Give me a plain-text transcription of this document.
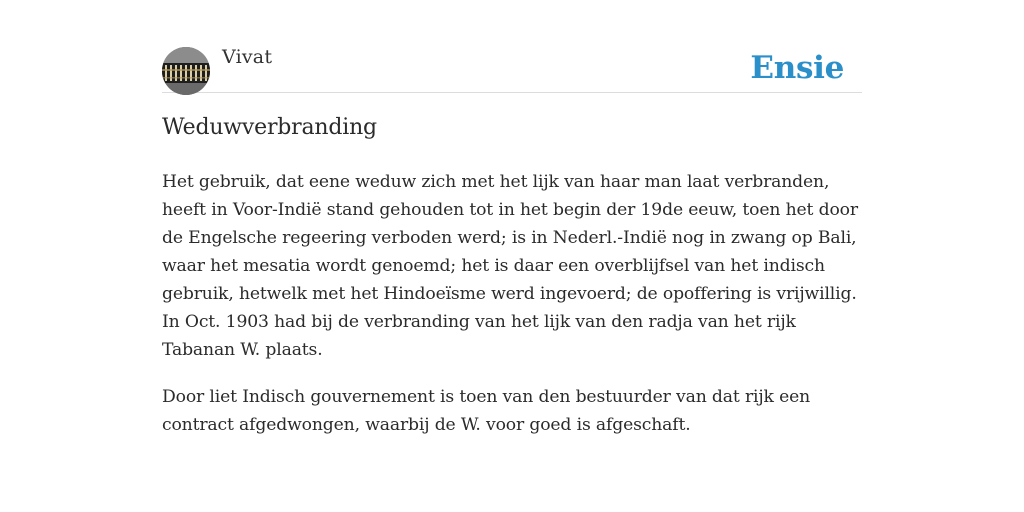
Vivat	Ensie
Weduwverbranding

Het gebruik, dat eene weduw zich met het lijk van haar man laat verbranden, heeft in Voor-Indië stand gehouden tot in het begin der 19de eeuw, toen het door de Engelsche regeering verboden werd; is in Nederl.-Indië nog in zwang op Bali, waar het mesatia wordt genoemd; het is daar een overblijfsel van het indisch gebruik, hetwelk met het Hindoeïsme werd ingevoerd; de opoffering is vrijwillig. In Oct. 1903 had bij de verbranding van het lijk van den radja van het rijk Tabanan W. plaats.

Door liet Indisch gouvernement is toen van den bestuurder van dat rijk een contract afgedwongen, waarbij de W. voor goed is afgeschaft.
